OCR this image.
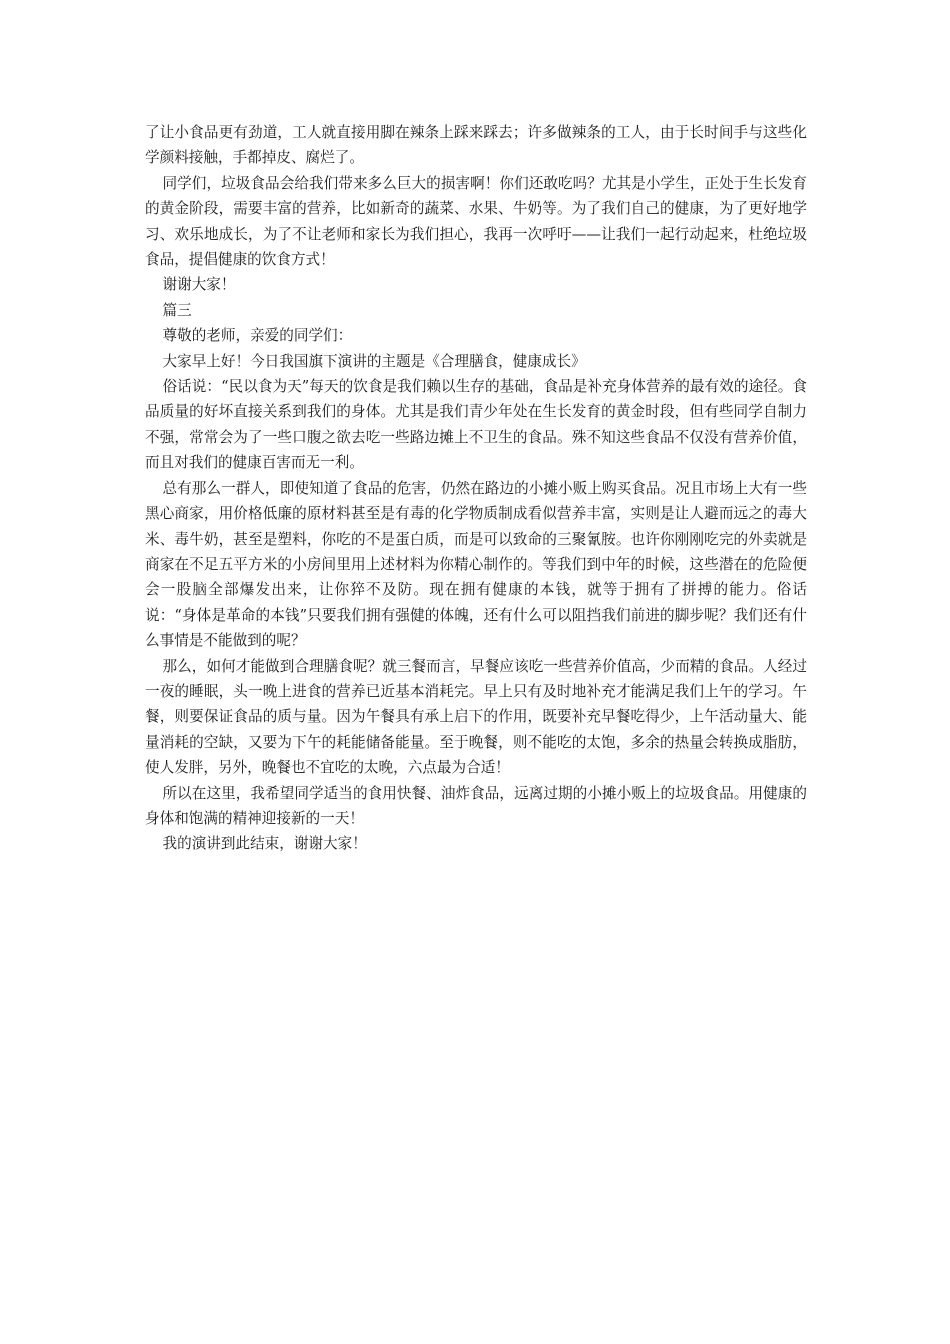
了让小食品更有劲道，工人就直接用脚在辣条上踩来踩去；许多做辣条的工人，由于长时间手与这些化学颜料接触，手都掉皮、腐烂了。

同学们，垃圾食品会给我们带来多么巨大的损害啊！你们还敢吃吗？尤其是小学生，正处于生长发育的黄金阶段，需要丰富的营养，比如新奇的蔬菜、水果、牛奶等。为了我们自己的健康，为了更好地学习、欢乐地成长，为了不让老师和家长为我们担心，我再一次呼吁——让我们一起行动起来，杜绝垃圾食品，提倡健康的饮食方式！

谢谢大家！

篇三

尊敬的老师，亲爱的同学们：

大家早上好！今日我国旗下演讲的主题是《合理膳食，健康成长》

俗话说：“民以食为天”每天的饮食是我们赖以生存的基础，食品是补充身体营养的最有效的途径。食品质量的好坏直接关系到我们的身体。尤其是我们青少年处在生长发育的黄金时段，但有些同学自制力不强，常常会为了一些口腹之欲去吃一些路边摊上不卫生的食品。殊不知这些食品不仅没有营养价值，而且对我们的健康百害而无一利。

总有那么一群人，即使知道了食品的危害，仍然在路边的小摊小贩上购买食品。况且市场上大有一些黑心商家，用价格低廉的原材料甚至是有毒的化学物质制成看似营养丰富，实则是让人避而远之的毒大米、毒牛奶，甚至是塑料，你吃的不是蛋白质，而是可以致命的三聚氰胺。也许你刚刚吃完的外卖就是商家在不足五平方米的小房间里用上述材料为你精心制作的。等我们到中年的时候，这些潜在的危险便会一股脑全部爆发出来，让你猝不及防。现在拥有健康的本钱，就等于拥有了拼搏的能力。俗话说：“身体是革命的本钱”只要我们拥有强健的体魄，还有什么可以阻挡我们前进的脚步呢？我们还有什么事情是不能做到的呢？

那么，如何才能做到合理膳食呢？就三餐而言，早餐应该吃一些营养价值高，少而精的食品。人经过一夜的睡眠，头一晚上进食的营养已近基本消耗完。早上只有及时地补充才能满足我们上午的学习。午餐，则要保证食品的质与量。因为午餐具有承上启下的作用，既要补充早餐吃得少，上午活动量大、能量消耗的空缺，又要为下午的耗能储备能量。至于晚餐，则不能吃的太饱，多余的热量会转换成脂肪，使人发胖，另外，晚餐也不宜吃的太晚，六点最为合适！

所以在这里，我希望同学适当的食用快餐、油炸食品，远离过期的小摊小贩上的垃圾食品。用健康的身体和饱满的精神迎接新的一天！

我的演讲到此结束，谢谢大家！
